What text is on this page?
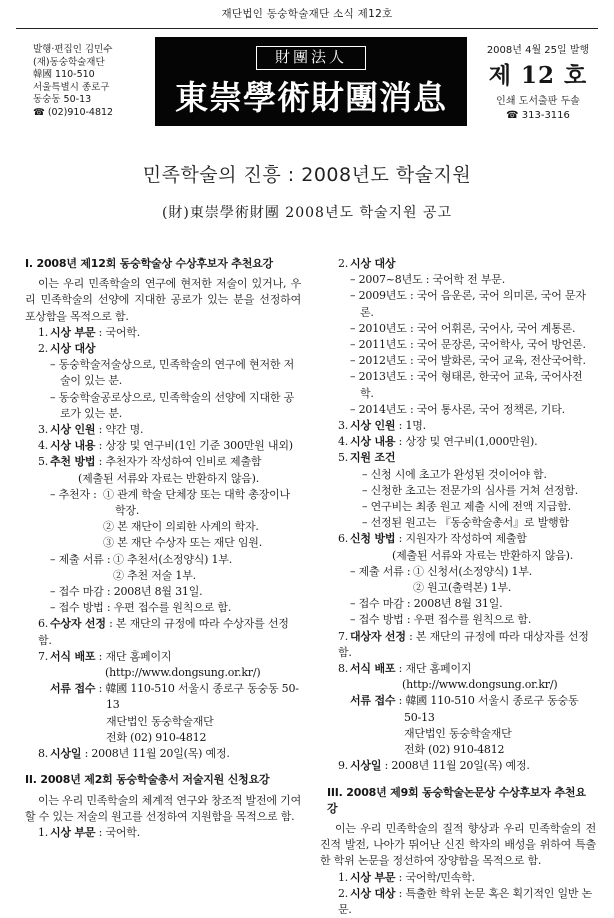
재단법인 동숭학술재단 소식 제12호
발행·편집인 김민수
(재)동숭학술재단
韓國 110-510
서울특별시 종로구
동숭동 50-13
☎ (02)910-4812
財團法人
東崇學術財團消息
2008년 4월 25일 발행
제 12 호
인쇄 도서출판 두솔
☎ 313-3116
민족학술의 진흥 : 2008년도 학술지원
(財)東崇學術財團 2008년도 학술지원 공고
I. 2008년 제12회 동숭학술상 수상후보자 추천요강

이는 우리 민족학술의 연구에 현저한 저술이 있거나, 우리 민족학술의 선양에 지대한 공로가 있는 분을 선정하여 포상함을 목적으로 함.

1. 시상 부문 : 국어학.
2. 시상 대상
– 동숭학술저술상으로, 민족학술의 연구에 현저한 저술이 있는 분.
– 동숭학술공로상으로, 민족학술의 선양에 지대한 공로가 있는 분.
3. 시상 인원 : 약간 명.
4. 시상 내용 : 상장 및 연구비(1인 기준 300만원 내외)
5. 추천 방법 : 추천자가 작성하여 인비로 제출함
(제출된 서류와 자료는 반환하지 않음).
– 추천자 : ① 관계 학술 단체장 또는 대학 총장이나 학장.
② 본 재단이 의뢰한 사계의 학자.
③ 본 재단 수상자 또는 재단 임원.
– 제출 서류 : ① 추천서(소정양식) 1부.
② 추천 저술 1부.
– 접수 마감 : 2008년 8월 31일.
– 접수 방법 : 우편 접수를 원칙으로 함.
6. 수상자 선정 : 본 재단의 규정에 따라 수상자를 선정함.
7. 서식 배포 : 재단 홈페이지
(http://www.dongsung.or.kr/)
서류 접수 : 韓國 110-510 서울시 종로구 동숭동 50-13
재단법인 동숭학술재단
전화 (02) 910-4812
8. 시상일 : 2008년 11월 20일(목) 예정.
II. 2008년 제2회 동숭학술총서 저술지원 신청요강

이는 우리 민족학술의 체계적 연구와 창조적 발전에 기여할 수 있는 저술의 원고를 선정하여 지원함을 목적으로 함.

1. 시상 부문 : 국어학.
2. 시상 대상
– 2007~8년도 : 국어학 전 부문.
– 2009년도 : 국어 음운론, 국어 의미론, 국어 문자론.
– 2010년도 : 국어 어휘론, 국어사, 국어 계통론.
– 2011년도 : 국어 문장론, 국어학사, 국어 방언론.
– 2012년도 : 국어 발화론, 국어 교육, 전산국어학.
– 2013년도 : 국어 형태론, 한국어 교육, 국어사전학.
– 2014년도 : 국어 통사론, 국어 정책론, 기타.
3. 시상 인원 : 1명.
4. 시상 내용 : 상장 및 연구비(1,000만원).
5. 지원 조건
– 신청 시에 초고가 완성된 것이어야 함.
– 신청한 초고는 전문가의 심사를 거쳐 선정함.
– 연구비는 최종 원고 제출 시에 전액 지급함.
– 선정된 원고는 『동숭학술총서』로 발행함
6. 신청 방법 : 지원자가 작성하여 제출함
(제출된 서류와 자료는 반환하지 않음).
– 제출 서류 : ① 신청서(소정양식) 1부.
② 원고(출력본) 1부.
– 접수 마감 : 2008년 8월 31일.
– 접수 방법 : 우편 접수를 원칙으로 함.
7. 대상자 선정 : 본 재단의 규정에 따라 대상자를 선정함.
8. 서식 배포 : 재단 홈페이지
(http://www.dongsung.or.kr/)
서류 접수 : 韓國 110-510 서울시 종로구 동숭동 50-13
재단법인 동숭학술재단
전화 (02) 910-4812
9. 시상일 : 2008년 11월 20일(목) 예정.
III. 2008년 제9회 동숭학술논문상 수상후보자 추천요강

이는 우리 민족학술의 질적 향상과 우리 민족학술의 전진적 발전, 나아가 뛰어난 신진 학자의 배성을 위하여 특출한 학위 논문을 정선하여 장양함을 목적으로 함.

1. 시상 부문 : 국어학/민속학.
2. 시상 대상 : 특출한 학위 논문 혹은 획기적인 일반 논문.
